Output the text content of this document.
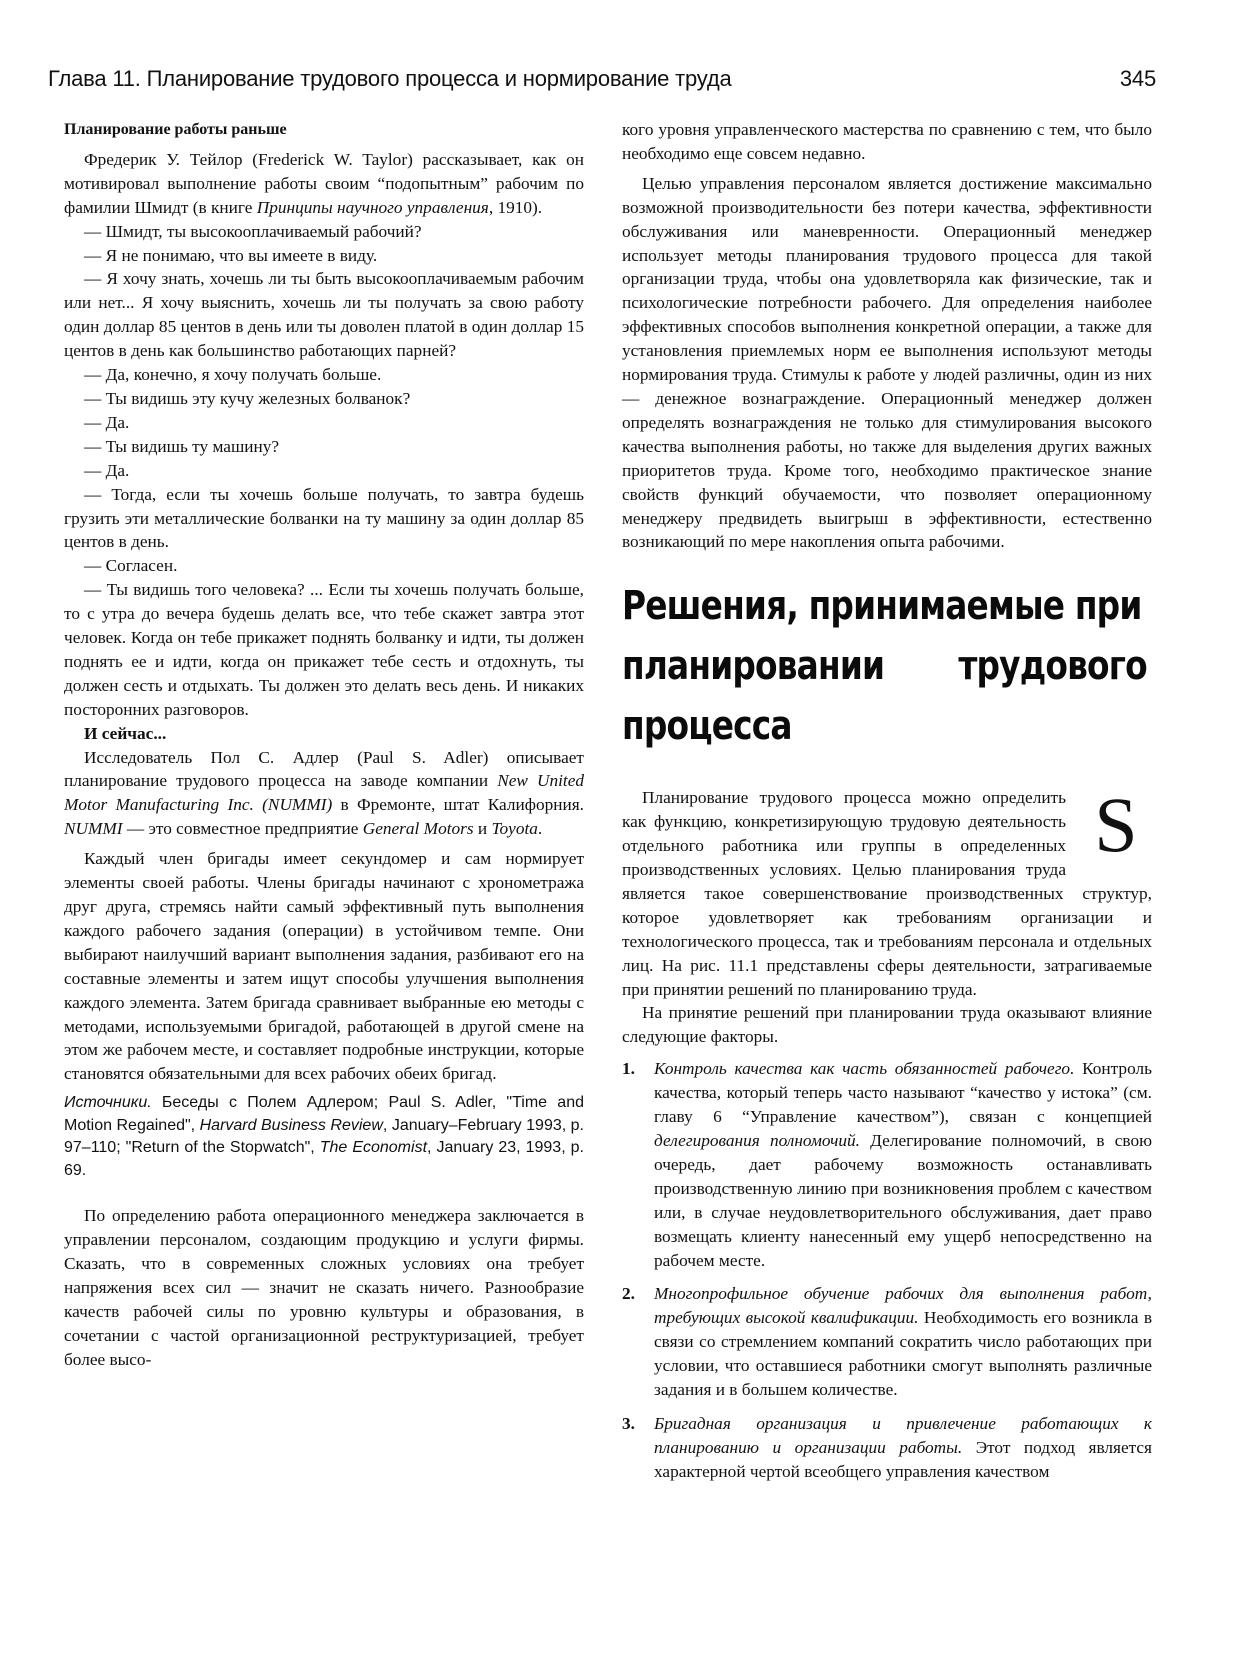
Глава 11. Планирование трудового процесса и нормирование труда	345

Планирование работы раньше

Фредерик У. Тейлор (Frederick W. Taylor) рассказывает, как он мотивировал выполнение работы своим “подопытным” рабочим по фамилии Шмидт (в книге Принципы научного управления, 1910).

— Шмидт, ты высокооплачиваемый рабочий?

— Я не понимаю, что вы имеете в виду.

— Я хочу знать, хочешь ли ты быть высокооплачиваемым рабочим или нет... Я хочу выяснить, хочешь ли ты получать за свою работу один доллар 85 центов в день или ты доволен платой в один доллар 15 центов в день как большинство работающих парней?

— Да, конечно, я хочу получать больше.

— Ты видишь эту кучу железных болванок?

— Да.

— Ты видишь ту машину?

— Да.

— Тогда, если ты хочешь больше получать, то завтра будешь грузить эти металлические болванки на ту машину за один доллар 85 центов в день.

— Согласен.

— Ты видишь того человека? ... Если ты хочешь получать больше, то с утра до вечера будешь делать все, что тебе скажет завтра этот человек. Когда он тебе прикажет поднять болванку и идти, ты должен поднять ее и идти, когда он прикажет тебе сесть и отдохнуть, ты должен сесть и отдыхать. Ты должен это делать весь день. И никаких посторонних разговоров.

И сейчас...

Исследователь Пол С. Адлер (Paul S. Adler) описывает планирование трудового процесса на заводе компании New United Motor Manufacturing Inc. (NUMMI) в Фремонте, штат Калифорния. NUMMI — это совместное предприятие General Motors и Toyota.

Каждый член бригады имеет секундомер и сам нормирует элементы своей работы. Члены бригады начинают с хронометража друг друга, стремясь найти самый эффективный путь выполнения каждого рабочего задания (операции) в устойчивом темпе. Они выбирают наилучший вариант выполнения задания, разбивают его на составные элементы и затем ищут способы улучшения выполнения каждого элемента. Затем бригада сравнивает выбранные ею методы с методами, используемыми бригадой, работающей в другой смене на этом же рабочем месте, и составляет подробные инструкции, которые становятся обязательными для всех рабочих обеих бригад.

Источники. Беседы с Полем Адлером; Paul S. Adler, "Time and Motion Regained", Harvard Business Review, January–February 1993, p. 97–110; "Return of the Stopwatch", The Economist, January 23, 1993, p. 69.

По определению работа операционного менеджера заключается в управлении персоналом, создающим продукцию и услуги фирмы. Сказать, что в современных сложных условиях она требует напряжения всех сил — значит не сказать ничего. Разнообразие качеств рабочей силы по уровню культуры и образования, в сочетании с частой организационной реструктуризацией, требует более высо-

кого уровня управленческого мастерства по сравнению с тем, что было необходимо еще совсем недавно.

Целью управления персоналом является достижение максимально возможной производительности без потери качества, эффективности обслуживания или маневренности. Операционный менеджер использует методы планирования трудового процесса для такой организации труда, чтобы она удовлетворяла как физические, так и психологические потребности рабочего. Для определения наиболее эффективных способов выполнения конкретной операции, а также для установления приемлемых норм ее выполнения используют методы нормирования труда. Стимулы к работе у людей различны, один из них — денежное вознаграждение. Операционный менеджер должен определять вознаграждения не только для стимулирования высокого качества выполнения работы, но также для выделения других важных приоритетов труда. Кроме того, необходимо практическое знание свойств функций обучаемости, что позволяет операционному менеджеру предвидеть выигрыш в эффективности, естественно возникающий по мере накопления опыта рабочими.

Решения, принимаемые при
планировании трудового процесса
S

Планирование трудового процесса можно определить как функцию, конкретизирующую трудовую деятельность отдельного работника или группы в определенных производственных условиях. Целью планирования труда является такое совершенствование производственных структур, которое удовлетворяет как требованиям организации и технологического процесса, так и требованиям персонала и отдельных лиц. На рис. 11.1 представлены сферы деятельности, затрагиваемые при принятии решений по планированию труда.

На принятие решений при планировании труда оказывают влияние следующие факторы.

1. Контроль качества как часть обязанностей рабочего. Контроль качества, который теперь часто называют “качество у истока” (см. главу 6 “Управление качеством”), связан с концепцией делегирования полномочий. Делегирование полномочий, в свою очередь, дает рабочему возможность останавливать производственную линию при возникновения проблем с качеством или, в случае неудовлетворительного обслуживания, дает право возмещать клиенту нанесенный ему ущерб непосредственно на рабочем месте.

2. Многопрофильное обучение рабочих для выполнения работ, требующих высокой квалификации. Необходимость его возникла в связи со стремлением компаний сократить число работающих при условии, что оставшиеся работники смогут выполнять различные задания и в большем количестве.

3. Бригадная организация и привлечение работающих к планированию и организации работы. Этот подход является характерной чертой всеобщего управления качеством
